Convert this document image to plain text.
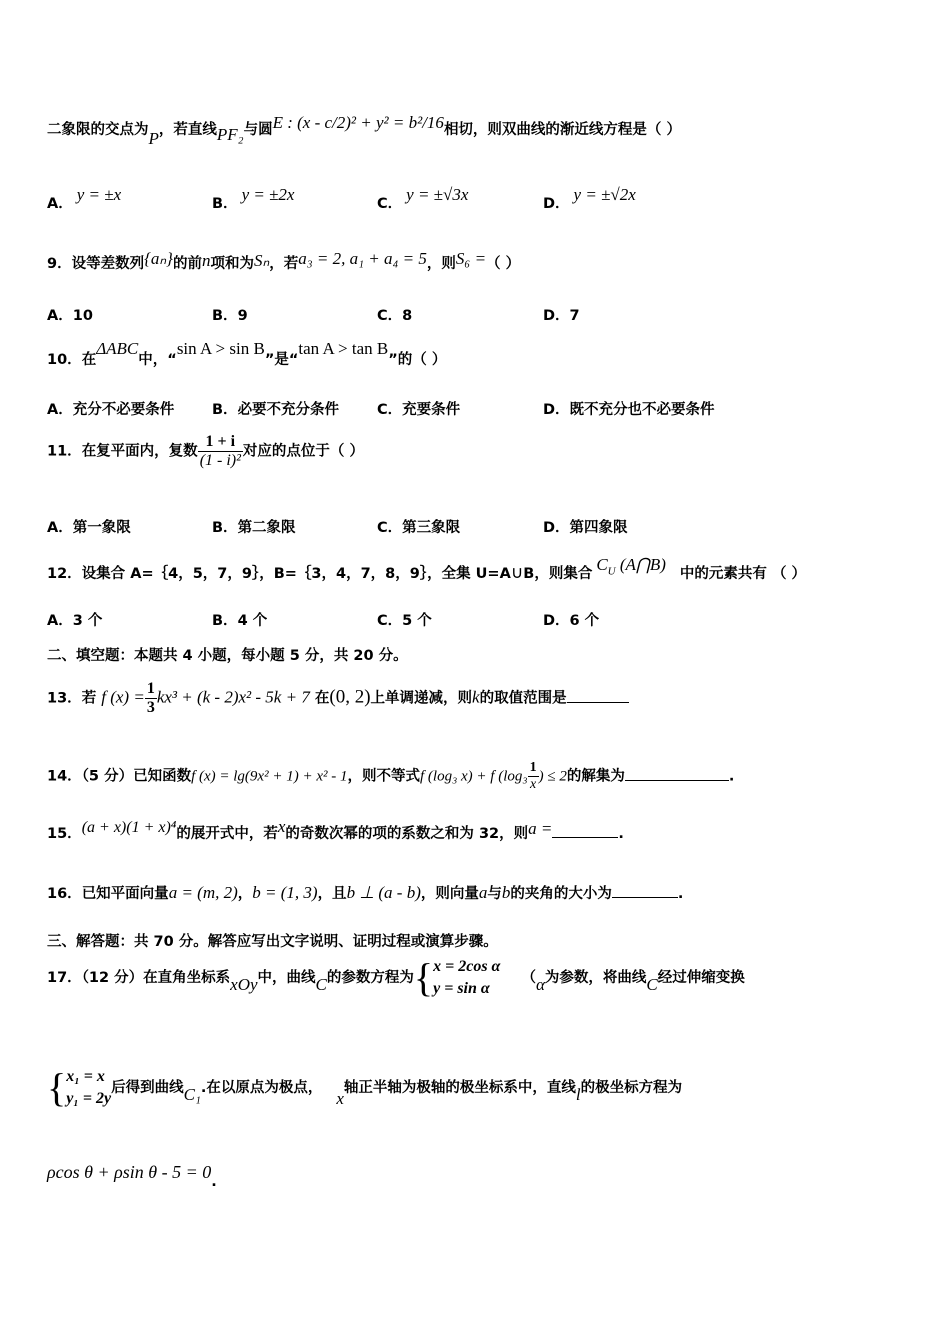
二象限的交点为P，若直线PF₂与圆E : (x - c/2)² + y² = b²/16相切，则双曲线的渐近线方程是（ ）
A． y = ±x	B． y = ±2x	C． y = ±√3x	D． y = ±√2x
9．设等差数列{aₙ}的前n项和为Sₙ，若a₃ = 2, a₁ + a₄ = 5，则S₆ =（ ）
A．10	B．9	C．8	D．7
10．在ΔABC中，“sin A > sin B”是“tan A > tan B”的（ ）
A．充分不必要条件	B．必要不充分条件	C．充要条件	D．既不充分也不必要条件
11．在复平面内，复数 $\frac{1 + i}{\text{(1 - i)²}}$ 对应的点位于（ ）
A．第一象限	B．第二象限	C．第三象限	D．第四象限
12．设集合 A=｛4，5，7，9｝，B=｛3，4，7，8，9｝，全集 U=A∪B，则集合 $C_U$ (A⋂B) 中的元素共有 （ ）
A．3 个	B．4 个	C．5 个	D．6 个
二、填空题：本题共 4 小题，每小题 5 分，共 20 分。
13．若 f $(x) = \frac{1}{3} kx^3 + (k - 2)x^2 - 5k + 7$ 在(0, 2)上单调递减，则k的取值范围是
14．（5 分）已知函数f (x) = lg(9x² + 1) + x² - 1，则不等式f (log₃ x) + f ($\log_3 \frac{1}{x}$ ) ≤ 2的解集为	.
15．(a + x)(1 + x)⁴的展开式中，若x的奇数次幂的项的系数之和为 32，则a =	.
16．已知平面向量a = (m, 2)，b = (1, 3)，且b ⊥ (a - b)，则向量a与b的夹角的大小为	.
三、解答题：共 70 分。解答应写出文字说明、证明过程或演算步骤。
17．（12 分）在直角坐标系xOy中，曲线C的参数方程为{ x = 2cos α
y = sin α
（α为参数，将曲线C经过伸缩变换
{ x₁ = x
y₁ = 2y
后得到曲线C₁.在以原点为极点，x轴正半轴为极轴的极坐标系中，直线l的极坐标方程为
ρcos θ + ρsin θ - 5 = 0.
